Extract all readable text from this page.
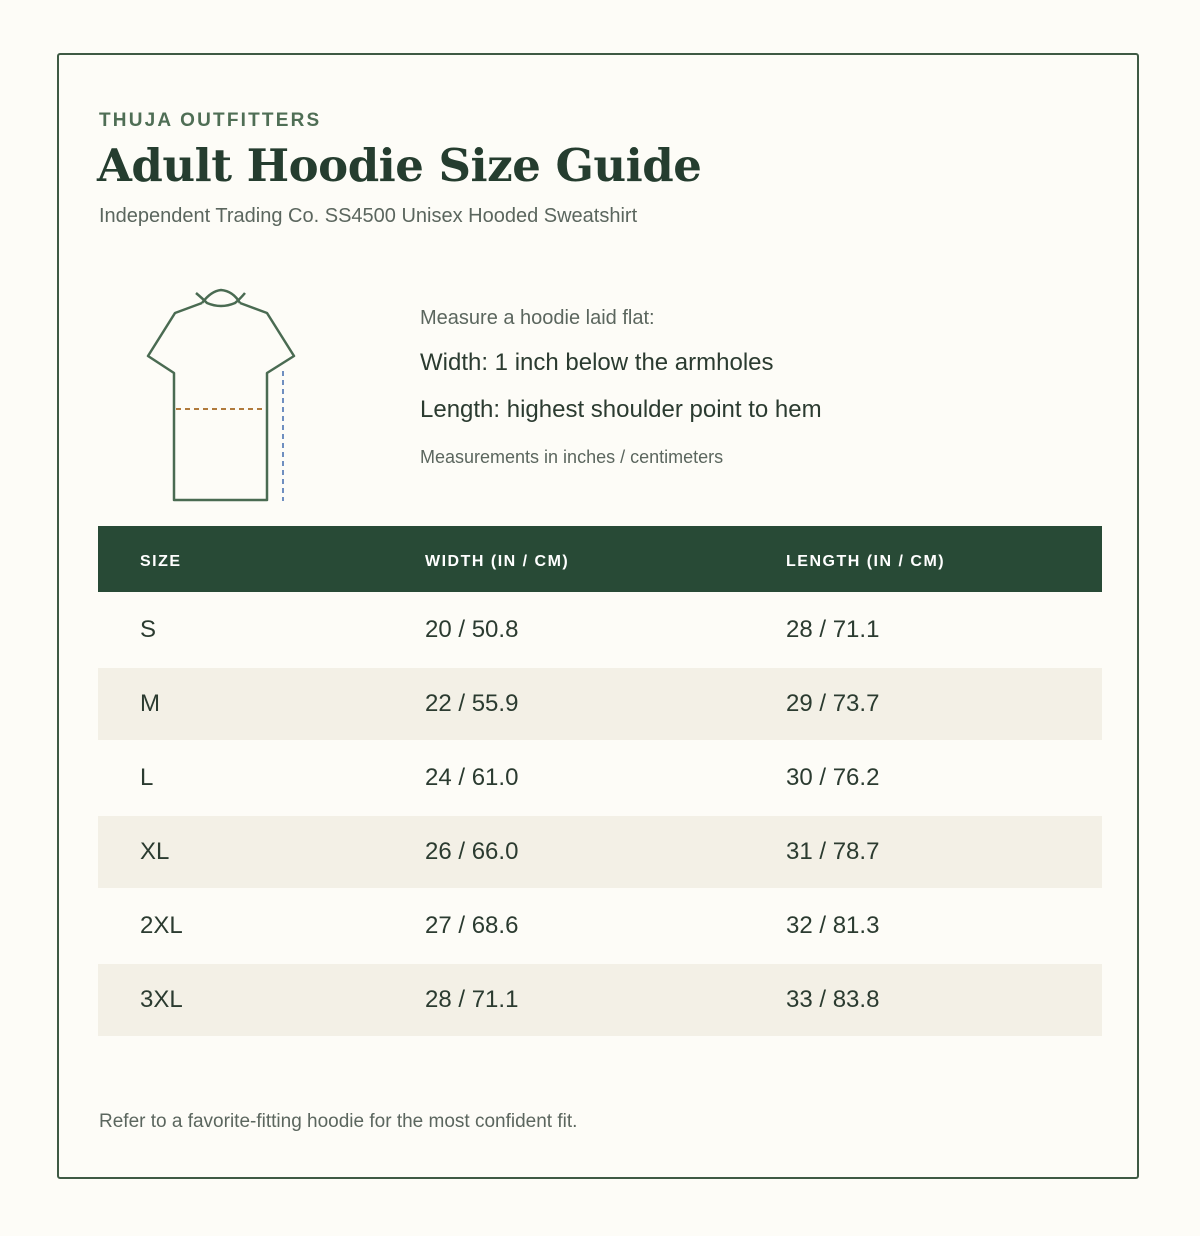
THUJA OUTFITTERS
Adult Hoodie Size Guide
Independent Trading Co. SS4500 Unisex Hooded Sweatshirt
Measure a hoodie laid flat:
Width: 1 inch below the armholes
Length: highest shoulder point to hem
Measurements in inches / centimeters
SIZE	WIDTH (IN / CM)	LENGTH (IN / CM)
S	20 / 50.8	28 / 71.1
M	22 / 55.9	29 / 73.7
L	24 / 61.0	30 / 76.2
XL	26 / 66.0	31 / 78.7
2XL	27 / 68.6	32 / 81.3
3XL	28 / 71.1	33 / 83.8
Refer to a favorite-fitting hoodie for the most confident fit.
